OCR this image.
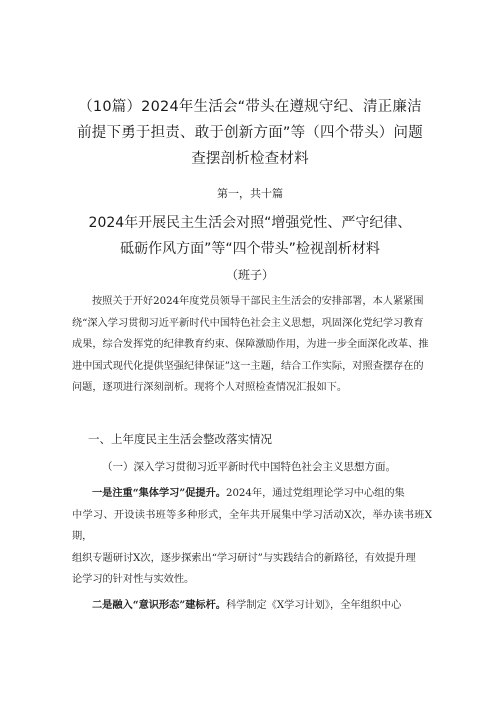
（10篇）2024年生活会“带头在遵规守纪、清正廉洁
前提下勇于担责、敢于创新方面”等（四个带头）问题
查摆剖析检查材料
第一，共十篇
2024年开展民主生活会对照“增强党性、严守纪律、
砥砺作风方面”等“四个带头”检视剖析材料
（班子）
按照关于开好2024年度党员领导干部民主生活会的安排部署，本人紧紧围
绕“深入学习贯彻习近平新时代中国特色社会主义思想，巩固深化党纪学习教育
成果，综合发挥党的纪律教育约束、保障激励作用，为进一步全面深化改革、推
进中国式现代化提供坚强纪律保证”这一主题，结合工作实际，对照查摆存在的
问题，逐项进行深刻剖析。现将个人对照检查情况汇报如下。
一、上年度民主生活会整改落实情况
（一）深入学习贯彻习近平新时代中国特色社会主义思想方面。
一是注重“集体学习”促提升。2024年，通过党组理论学习中心组的集
中学习、开设读书班等多种形式，全年共开展集中学习活动X次，举办读书班X期，
组织专题研讨X次，逐步探索出“学习研讨”与实践结合的新路径，有效提升理
论学习的针对性与实效性。
二是融入“意识形态”建标杆。科学制定《X学习计划》，全年组织中心
